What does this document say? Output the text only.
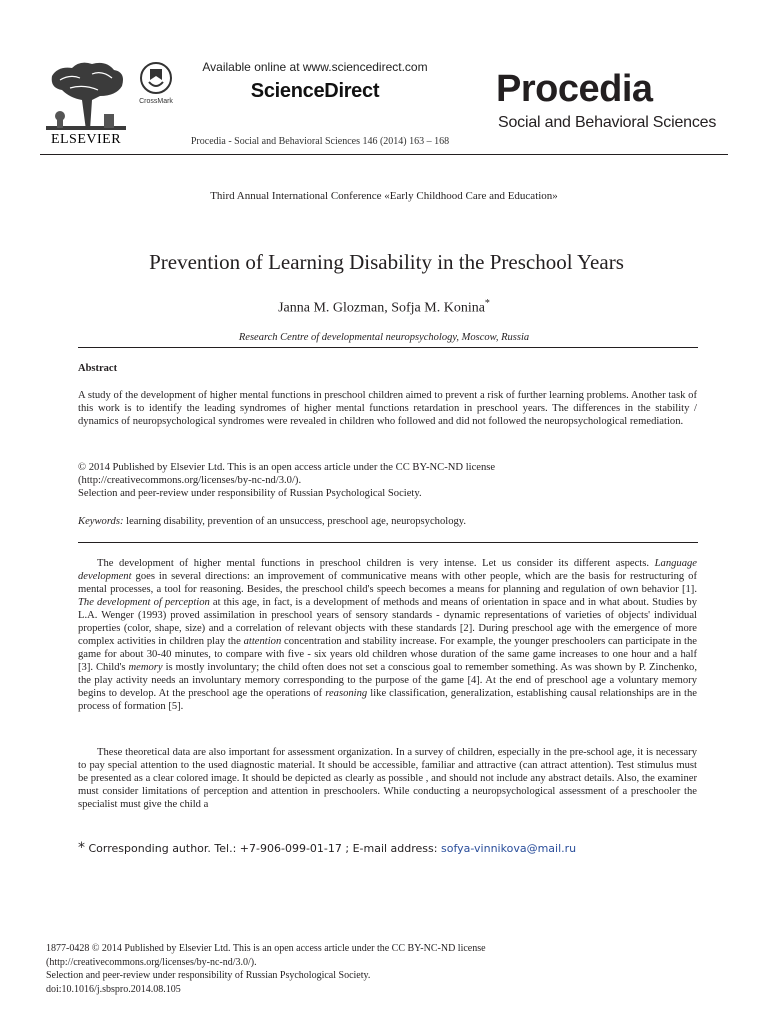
ELSEVIER
CrossMark
Available online at www.sciencedirect.com
ScienceDirect
Procedia - Social and Behavioral Sciences 146 (2014) 163 – 168
Procedia
Social and Behavioral Sciences
Third Annual International Conference «Early Childhood Care and Education»
Prevention of Learning Disability in the Preschool Years
Janna M. Glozman, Sofja M. Konina*
Research Centre of developmental neuropsychology, Moscow, Russia
Abstract
A study of the development of higher mental functions in preschool children aimed to prevent a risk of further learning problems. Another task of this work is to identify the leading syndromes of higher mental functions retardation in preschool years. The differences in the stability / dynamics of neuropsychological syndromes were revealed in children who followed and did not followed the neuropsychological remediation.
© 2014 Published by Elsevier Ltd. This is an open access article under the CC BY-NC-ND license
(http://creativecommons.org/licenses/by-nc-nd/3.0/).
Selection and peer-review under responsibility of Russian Psychological Society.
Keywords: learning disability, prevention of an unsuccess, preschool age, neuropsychology.
The development of higher mental functions in preschool children is very intense. Let us consider its different aspects. Language development goes in several directions: an improvement of communicative means with other people, which are the basis for restructuring of mental processes, a tool for reasoning. Besides, the preschool child's speech becomes a means for planning and regulation of own behavior [1]. The development of perception at this age, in fact, is a development of methods and means of orientation in space and in what about. Studies by L.A. Wenger (1993) proved assimilation in preschool years of sensory standards - dynamic representations of varieties of objects' individual properties (color, shape, size) and a correlation of relevant objects with these standards [2]. During preschool age with the emergence of more complex activities in children play the attention concentration and stability increase. For example, the younger preschoolers can participate in the game for about 30-40 minutes, to compare with five - six years old children whose duration of the same game increases to one hour and a half [3]. Child's memory is mostly involuntary; the child often does not set a conscious goal to remember something. As was shown by P. Zinchenko, the play activity needs an involuntary memory corresponding to the purpose of the game [4]. At the end of preschool age a voluntary memory begins to develop. At the preschool age the operations of reasoning like classification, generalization, establishing causal relationships are in the process of formation [5].
These theoretical data are also important for assessment organization. In a survey of children, especially in the pre-school age, it is necessary to pay special attention to the used diagnostic material. It should be accessible, familiar and attractive (can attract attention). Test stimulus must be presented as a clear colored image. It should be depicted as clearly as possible , and should not include any abstract details. Also, the examiner must consider limitations of perception and attention in preschoolers. While conducting a neuropsychological assessment of a preschooler the specialist must give the child a
* Corresponding author. Tel.: +7-906-099-01-17 ; E-mail address: sofya-vinnikova@mail.ru
1877-0428 © 2014 Published by Elsevier Ltd. This is an open access article under the CC BY-NC-ND license
(http://creativecommons.org/licenses/by-nc-nd/3.0/).
Selection and peer-review under responsibility of Russian Psychological Society.
doi:10.1016/j.sbspro.2014.08.105
